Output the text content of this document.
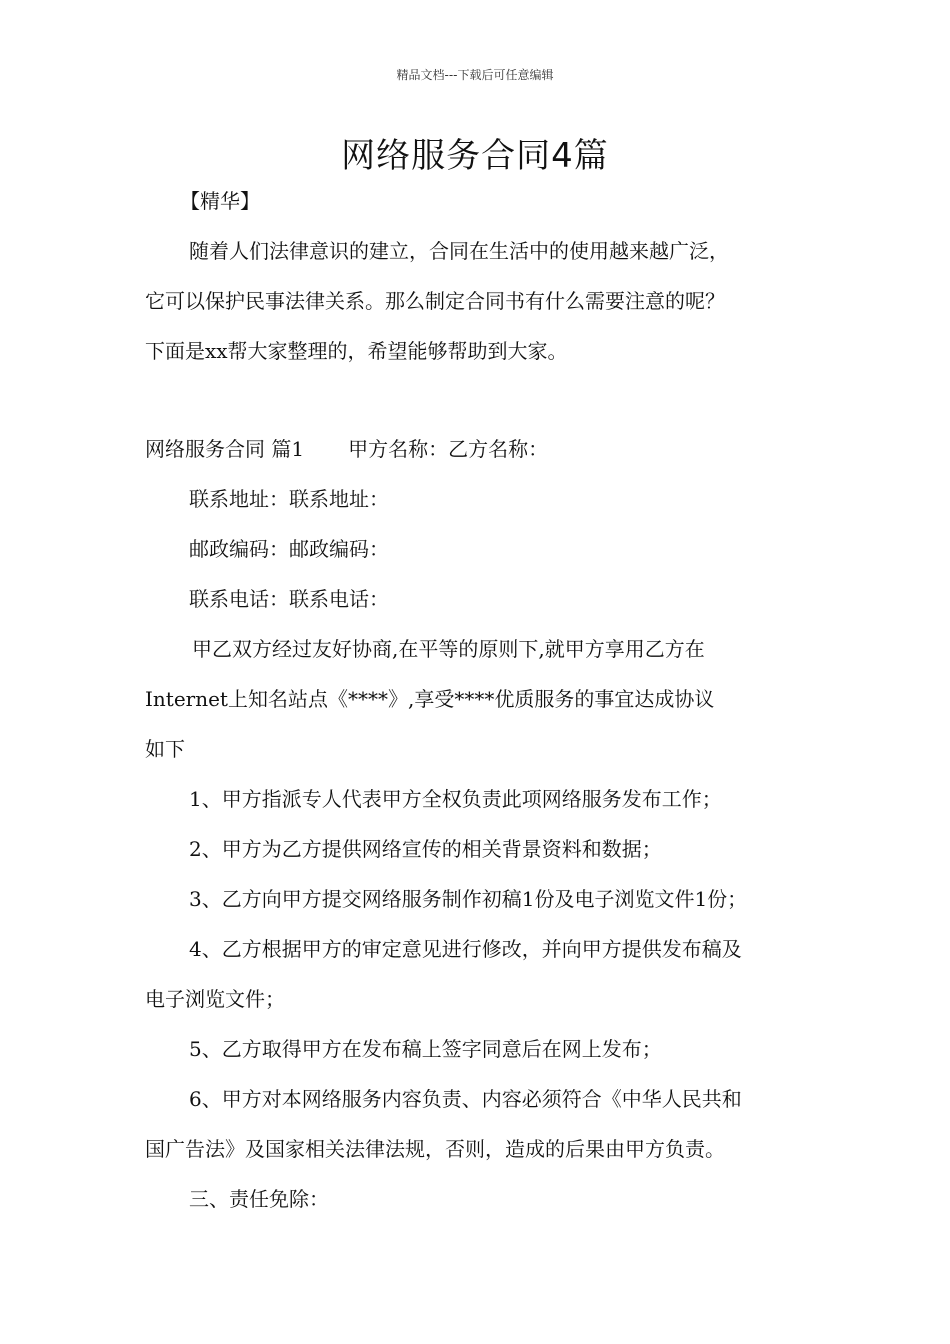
精品文档---下载后可任意编辑
网络服务合同4篇

【精华】

随着人们法律意识的建立，合同在生活中的使用越来越广泛，

它可以保护民事法律关系。那么制定合同书有什么需要注意的呢？

下面是xx帮大家整理的，希望能够帮助到大家。

网络服务合同 篇1 甲方名称：乙方名称：

联系地址：联系地址：

邮政编码：邮政编码：

联系电话：联系电话：

甲乙双方经过友好协商,在平等的原则下,就甲方享用乙方在

Internet上知名站点《****》,享受****优质服务的事宜达成协议

如下

1、甲方指派专人代表甲方全权负责此项网络服务发布工作；

2、甲方为乙方提供网络宣传的相关背景资料和数据；

3、乙方向甲方提交网络服务制作初稿1份及电子浏览文件1份；

4、乙方根据甲方的审定意见进行修改，并向甲方提供发布稿及

电子浏览文件；

5、乙方取得甲方在发布稿上签字同意后在网上发布；

6、甲方对本网络服务内容负责、内容必须符合《中华人民共和

国广告法》及国家相关法律法规，否则，造成的后果由甲方负责。

三、责任免除：
